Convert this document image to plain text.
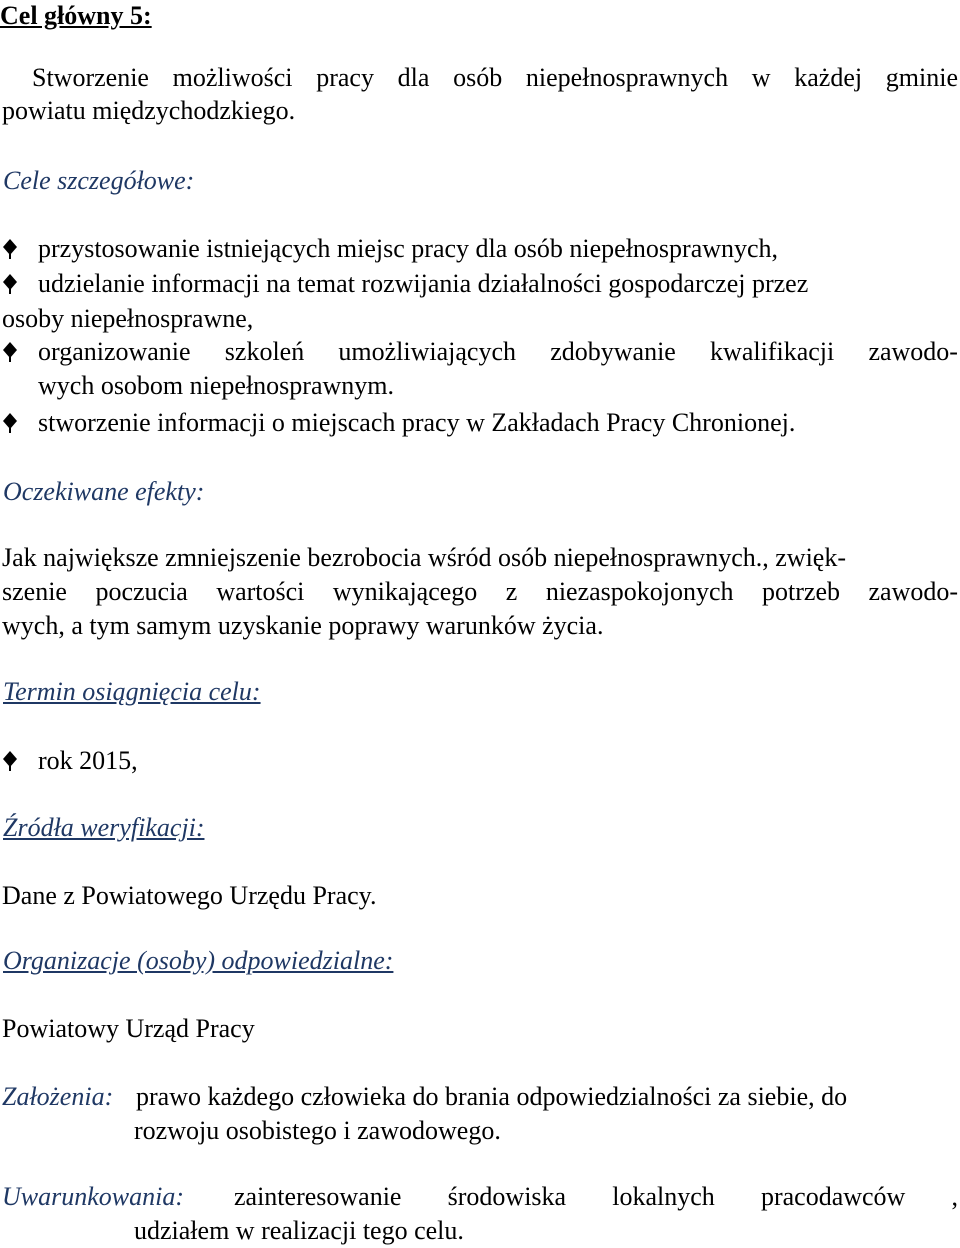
Cel główny 5:
Stworzenie możliwości pracy dla osób niepełnosprawnych w każdej gminie
powiatu międzychodzkiego.
Cele szczegółowe:
przystosowanie istniejących miejsc pracy dla osób niepełnosprawnych,
udzielanie informacji na temat rozwijania działalności gospodarczej przez
osoby niepełnosprawne,
organizowanie szkoleń umożliwiających zdobywanie kwalifikacji zawodo-
wych osobom niepełnosprawnym.
stworzenie informacji o miejscach pracy w Zakładach Pracy Chronionej.
Oczekiwane efekty:
Jak największe zmniejszenie bezrobocia wśród osób niepełnosprawnych., zwięk-
szenie poczucia wartości wynikającego z niezaspokojonych potrzeb zawodo-
wych, a tym samym uzyskanie poprawy warunków życia.
Termin osiągnięcia celu:
rok 2015,
Źródła weryfikacji:
Dane z Powiatowego Urzędu Pracy.
Organizacje (osoby) odpowiedzialne:
Powiatowy Urząd Pracy
Założenia: prawo każdego człowieka do brania odpowiedzialności za siebie, do
rozwoju osobistego i zawodowego.
Uwarunkowania: zainteresowanie środowiska lokalnych pracodawców ,
udziałem w realizacji tego celu.
